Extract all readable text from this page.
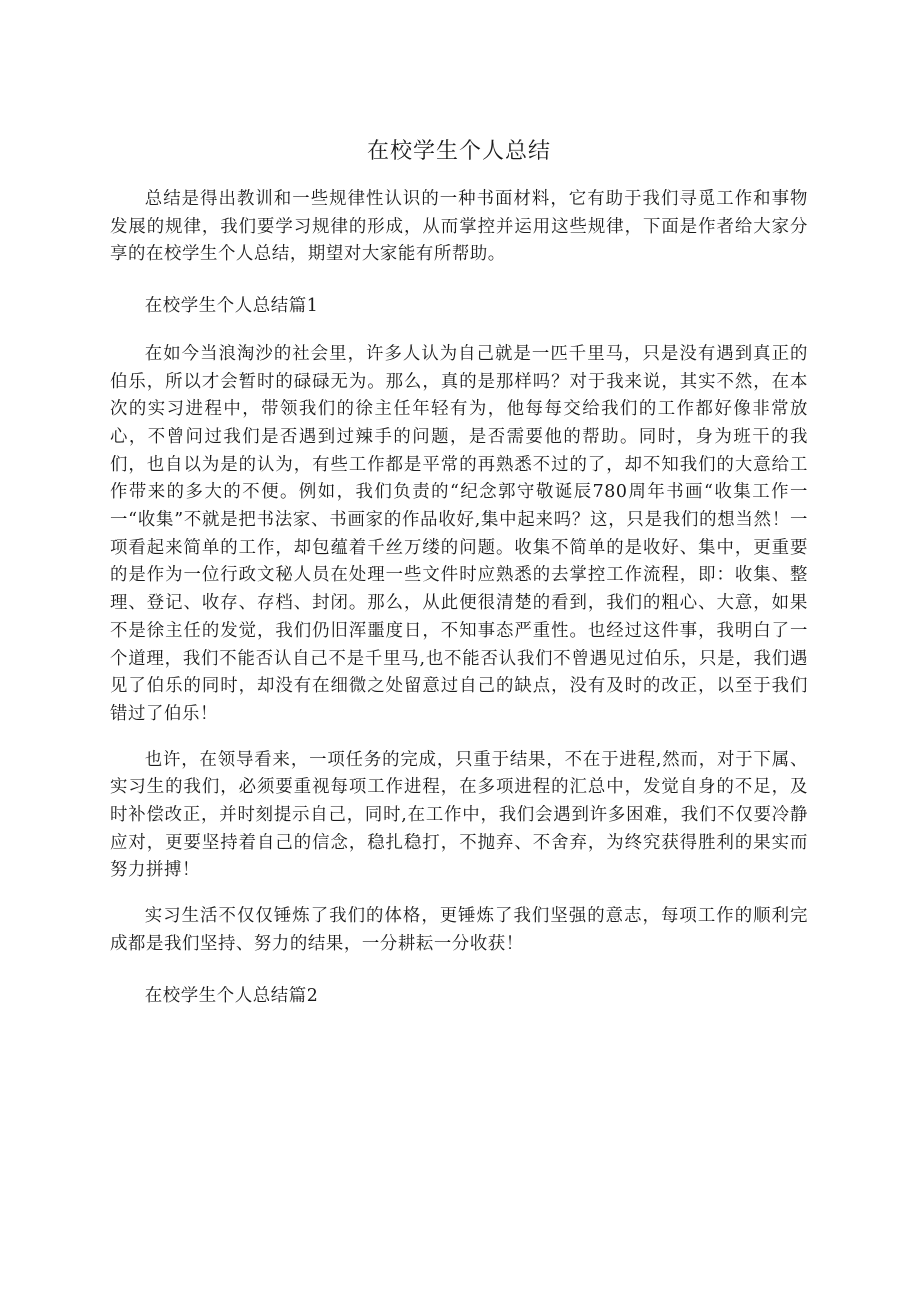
在校学生个人总结

总结是得出教训和一些规律性认识的一种书面材料，它有助于我们寻觅工作和事物发展的规律，我们要学习规律的形成，从而掌控并运用这些规律，下面是作者给大家分享的在校学生个人总结，期望对大家能有所帮助。

在校学生个人总结篇1

在如今当浪淘沙的社会里，许多人认为自己就是一匹千里马，只是没有遇到真正的伯乐，所以才会暂时的碌碌无为。那么，真的是那样吗？对于我来说，其实不然，在本次的实习进程中，带领我们的徐主任年轻有为，他每每交给我们的工作都好像非常放心，不曾问过我们是否遇到过辣手的问题，是否需要他的帮助。同时，身为班干的我们，也自以为是的认为，有些工作都是平常的再熟悉不过的了，却不知我们的大意给工作带来的多大的不便。例如，我们负责的“纪念郭守敬诞辰780周年书画“收集工作一一“收集”不就是把书法家、书画家的作品收好,集中起来吗？这，只是我们的想当然！一项看起来简单的工作，却包蕴着千丝万缕的问题。收集不简单的是收好、集中，更重要的是作为一位行政文秘人员在处理一些文件时应熟悉的去掌控工作流程，即：收集、整理、登记、收存、存档、封闭。那么，从此便很清楚的看到，我们的粗心、大意，如果不是徐主任的发觉，我们仍旧浑噩度日，不知事态严重性。也经过这件事，我明白了一个道理，我们不能否认自己不是千里马,也不能否认我们不曾遇见过伯乐，只是，我们遇见了伯乐的同时，却没有在细微之处留意过自己的缺点，没有及时的改正，以至于我们错过了伯乐！

也许，在领导看来，一项任务的完成，只重于结果，不在于进程,然而，对于下属、实习生的我们，必须要重视每项工作进程，在多项进程的汇总中，发觉自身的不足，及时补偿改正，并时刻提示自己，同时,在工作中，我们会遇到许多困难，我们不仅要冷静应对，更要坚持着自己的信念，稳扎稳打，不抛弃、不舍弃，为终究获得胜利的果实而努力拼搏！

实习生活不仅仅锤炼了我们的体格，更锤炼了我们坚强的意志，每项工作的顺利完成都是我们坚持、努力的结果，一分耕耘一分收获！

在校学生个人总结篇2
